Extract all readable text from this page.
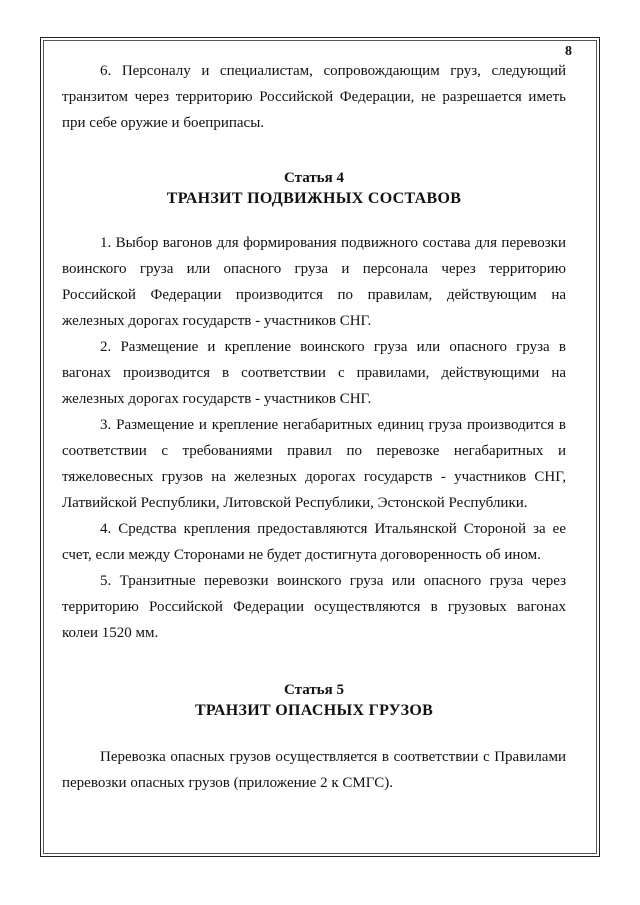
8

6. Персоналу и специалистам, сопровождающим груз, следующий транзитом через территорию Российской Федерации, не разрешается иметь при себе оружие и боеприпасы.

Статья 4
ТРАНЗИТ ПОДВИЖНЫХ СОСТАВОВ

1. Выбор вагонов для формирования подвижного состава для перевозки воинского груза или опасного груза и персонала через территорию Российской Федерации производится по правилам, действующим на железных дорогах государств - участников СНГ.

2. Размещение и крепление воинского груза или опасного груза в вагонах производится в соответствии с правилами, действующими на железных дорогах государств - участников СНГ.

3. Размещение и крепление негабаритных единиц груза производится в соответствии с требованиями правил по перевозке негабаритных и тяжеловесных грузов на железных дорогах государств - участников СНГ, Латвийской Республики, Литовской Республики, Эстонской Республики.

4. Средства крепления предоставляются Итальянской Стороной за ее счет, если между Сторонами не будет достигнута договоренность об ином.

5. Транзитные перевозки воинского груза или опасного груза через территорию Российской Федерации осуществляются в грузовых вагонах колеи 1520 мм.

Статья 5
ТРАНЗИТ ОПАСНЫХ ГРУЗОВ

Перевозка опасных грузов осуществляется в соответствии с Правилами перевозки опасных грузов (приложение 2 к СМГС).
